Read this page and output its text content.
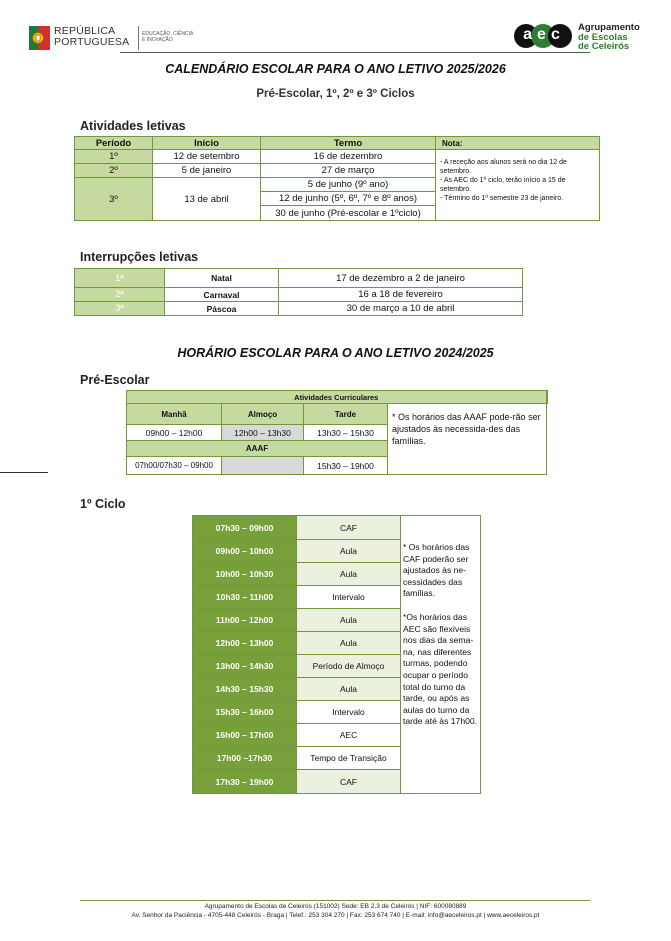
REPÚBLICA
PORTUGUESA
EDUCAÇÃO, CIÊNCIA
E INOVAÇÃO	aec	Agrupamento
de Escolas
de Celeirós
CALENDÁRIO ESCOLAR PARA O ANO LETIVO 2025/2026
Pré-Escolar, 1º, 2º e 3º Ciclos
Atividades letivas
Período	Início	Termo	Nota:
1º	12 de setembro	16 de dezembro	- A receção aos alunos será no dia 12 de setembro.
- As AEC do 1º ciclo, terão início a 15 de setembro.
- Término do 1º semestre 23 de janeiro.

2º	5 de janeiro	27 de março	
3º	13 de abril	5 de junho (9º ano)	
		12 de junho (5º, 6º, 7º e 8º anos)	
		30 de junho (Pré-escolar e 1ºciclo)	
Interrupções letivas
1ª	Natal	17 de dezembro a 2 de janeiro
2ª	Carnaval	16 a 18 de fevereiro
3ª	Páscoa	30 de março a 10 de abril
HORÁRIO ESCOLAR PARA O ANO LETIVO 2024/2025
Pré-Escolar
Atividades Curriculares			
Manhã	Almoço	Tarde	* Os horários das AAAF pode-rão ser ajustados às necessida-des das famílias.
09h00 – 12h00	12h00 – 13h30	13h30 – 15h30	
AAAF			
07h00/07h30 – 09h00		15h30 – 19h00	
1º Ciclo
07h30 – 09h00	CAF	* Os horários das CAF poderão ser ajustados às ne-cessidades das famílias.
*Os horários das AEC são flexíveis nos dias da sema-na, nas diferentes turmas, podendo ocupar o período total do turno da tarde, ou após as aulas do turno da tarde até às 17h00.

09h00 – 10h00	Aula	
10h00 – 10h30	Aula	
10h30 – 11h00	Intervalo	
11h00 – 12h00	Aula	
12h00 – 13h00	Aula	
13h00 – 14h30	Período de Almoço	
14h30 – 15h30	Aula	
15h30 – 16h00	Intervalo	
16h00 – 17h00	AEC	
17h00 –17h30	Tempo de Transição	
17h30 – 19h00	CAF	
Agrupamento de Escolas de Celeirós (151002) Sede: EB 2,3 de Celeirós | NIF: 600080889
Av. Senhor da Paciência - 4705-448 Celeirós - Braga | Telef.: 253 304 270 | Fax: 253 674 740 | E-mail: info@aeceleiros.pt | www.aeceleiros.pt
